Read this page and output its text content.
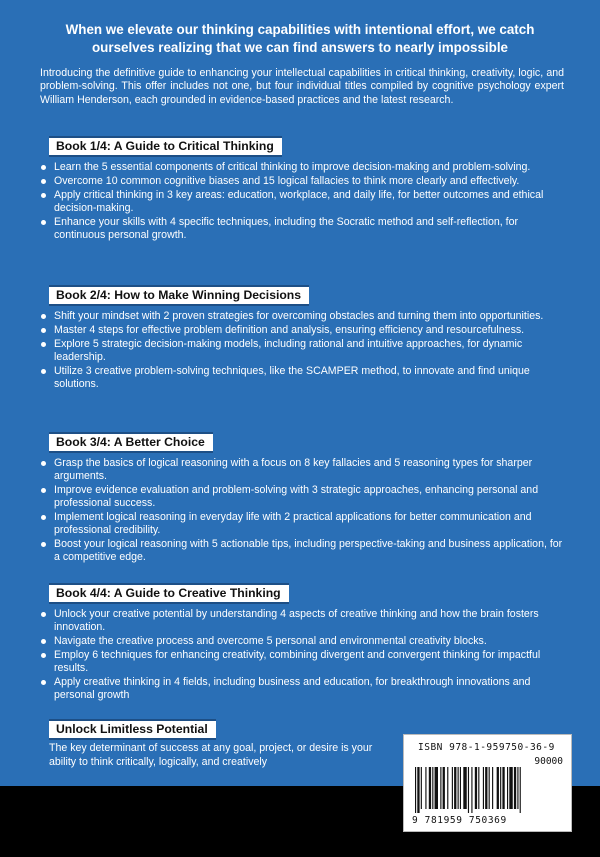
When we elevate our thinking capabilities with intentional effort, we catch ourselves realizing that we can find answers to nearly impossible
Introducing the definitive guide to enhancing your intellectual capabilities in critical thinking, creativity, logic, and problem-solving. This offer includes not one, but four individual titles compiled by cognitive psychology expert William Henderson, each grounded in evidence-based practices and the latest research.
Book 1/4: A Guide to Critical Thinking
Learn the 5 essential components of critical thinking to improve decision-making and problem-solving.
Overcome 10 common cognitive biases and 15 logical fallacies to think more clearly and effectively.
Apply critical thinking in 3 key areas: education, workplace, and daily life, for better outcomes and ethical decision-making.
Enhance your skills with 4 specific techniques, including the Socratic method and self-reflection, for continuous personal growth.
Book 2/4: How to Make Winning Decisions
Shift your mindset with 2 proven strategies for overcoming obstacles and turning them into opportunities.
Master 4 steps for effective problem definition and analysis, ensuring efficiency and resourcefulness.
Explore 5 strategic decision-making models, including rational and intuitive approaches, for dynamic leadership.
Utilize 3 creative problem-solving techniques, like the SCAMPER method, to innovate and find unique solutions.
Book 3/4: A Better Choice
Grasp the basics of logical reasoning with a focus on 8 key fallacies and 5 reasoning types for sharper arguments.
Improve evidence evaluation and problem-solving with 3 strategic approaches, enhancing personal and professional success.
Implement logical reasoning in everyday life with 2 practical applications for better communication and professional credibility.
Boost your logical reasoning with 5 actionable tips, including perspective-taking and business application, for a competitive edge.
Book 4/4: A Guide to Creative Thinking
Unlock your creative potential by understanding 4 aspects of creative thinking and how the brain fosters innovation.
Navigate the creative process and overcome 5 personal and environmental creativity blocks.
Employ 6 techniques for enhancing creativity, combining divergent and convergent thinking for impactful results.
Apply creative thinking in 4 fields, including business and education, for breakthrough innovations and personal growth
Unlock Limitless Potential
The key determinant of success at any goal, project, or desire is your ability to think critically, logically, and creatively
ISBN 978-1-959750-36-9
90000
9 781959 750369
